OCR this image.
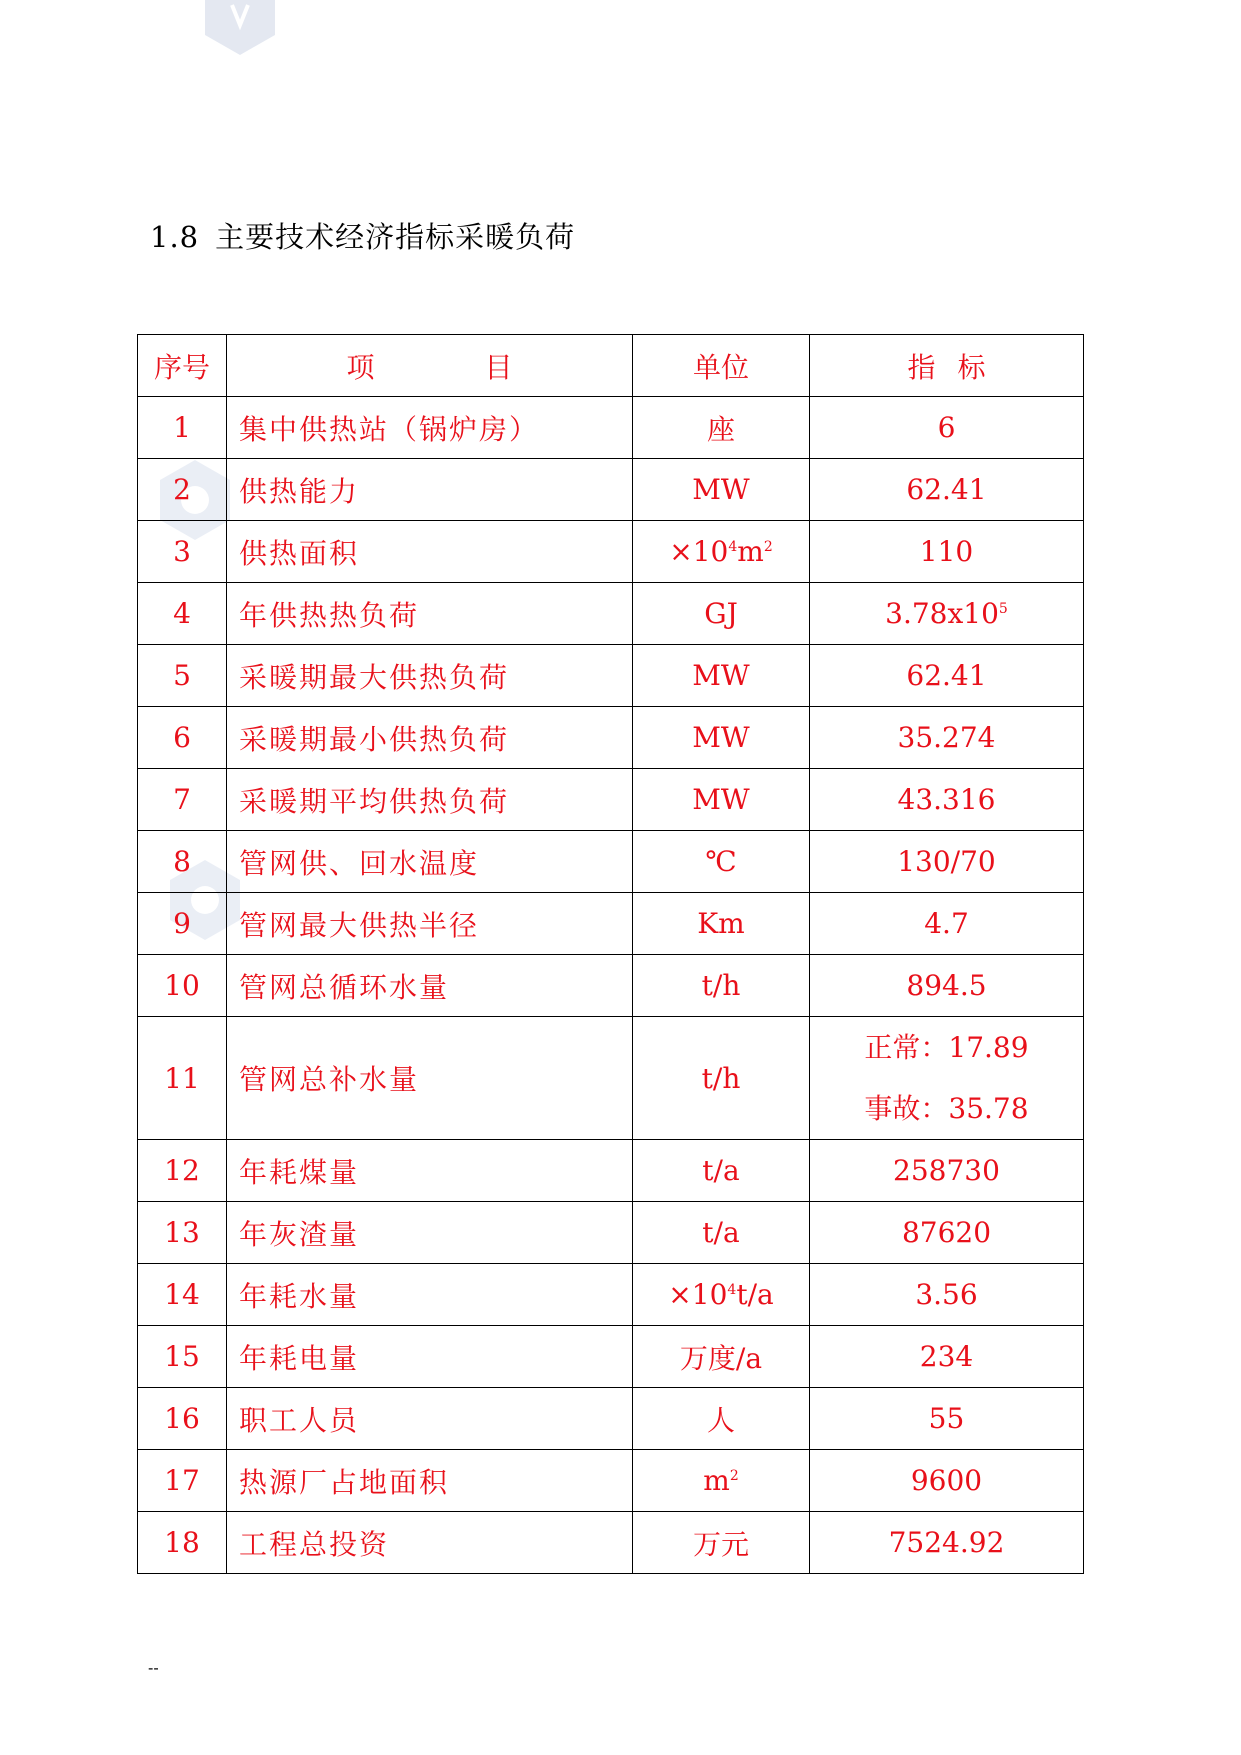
1.8 主要技术经济指标采暖负荷
序号	项 目	单位	指 标
1	集中供热站（锅炉房）	座	6
2	供热能力	MW	62.41
3	供热面积	$\times 10^4m^2$	110
4	年供热热负荷	GJ	$3.78x10^5$
5	采暖期最大供热负荷	MW	62.41
6	采暖期最小供热负荷	MW	35.274
7	采暖期平均供热负荷	MW	43.316
8	管网供、回水温度	℃	130/70
9	管网最大供热半径	Km	4.7
10	管网总循环水量	t/h	894.5
11	管网总补水量	t/h	正常：17.89
事故：35.78

12	年耗煤量	t/a	258730
13	年灰渣量	t/a	87620
14	年耗水量	$\times 10^4t/a$	3.56
15	年耗电量	万度/a	234
16	职工人员	人	55
17	热源厂占地面积	$m^2$	9600
18	工程总投资	万元	7524.92
--
